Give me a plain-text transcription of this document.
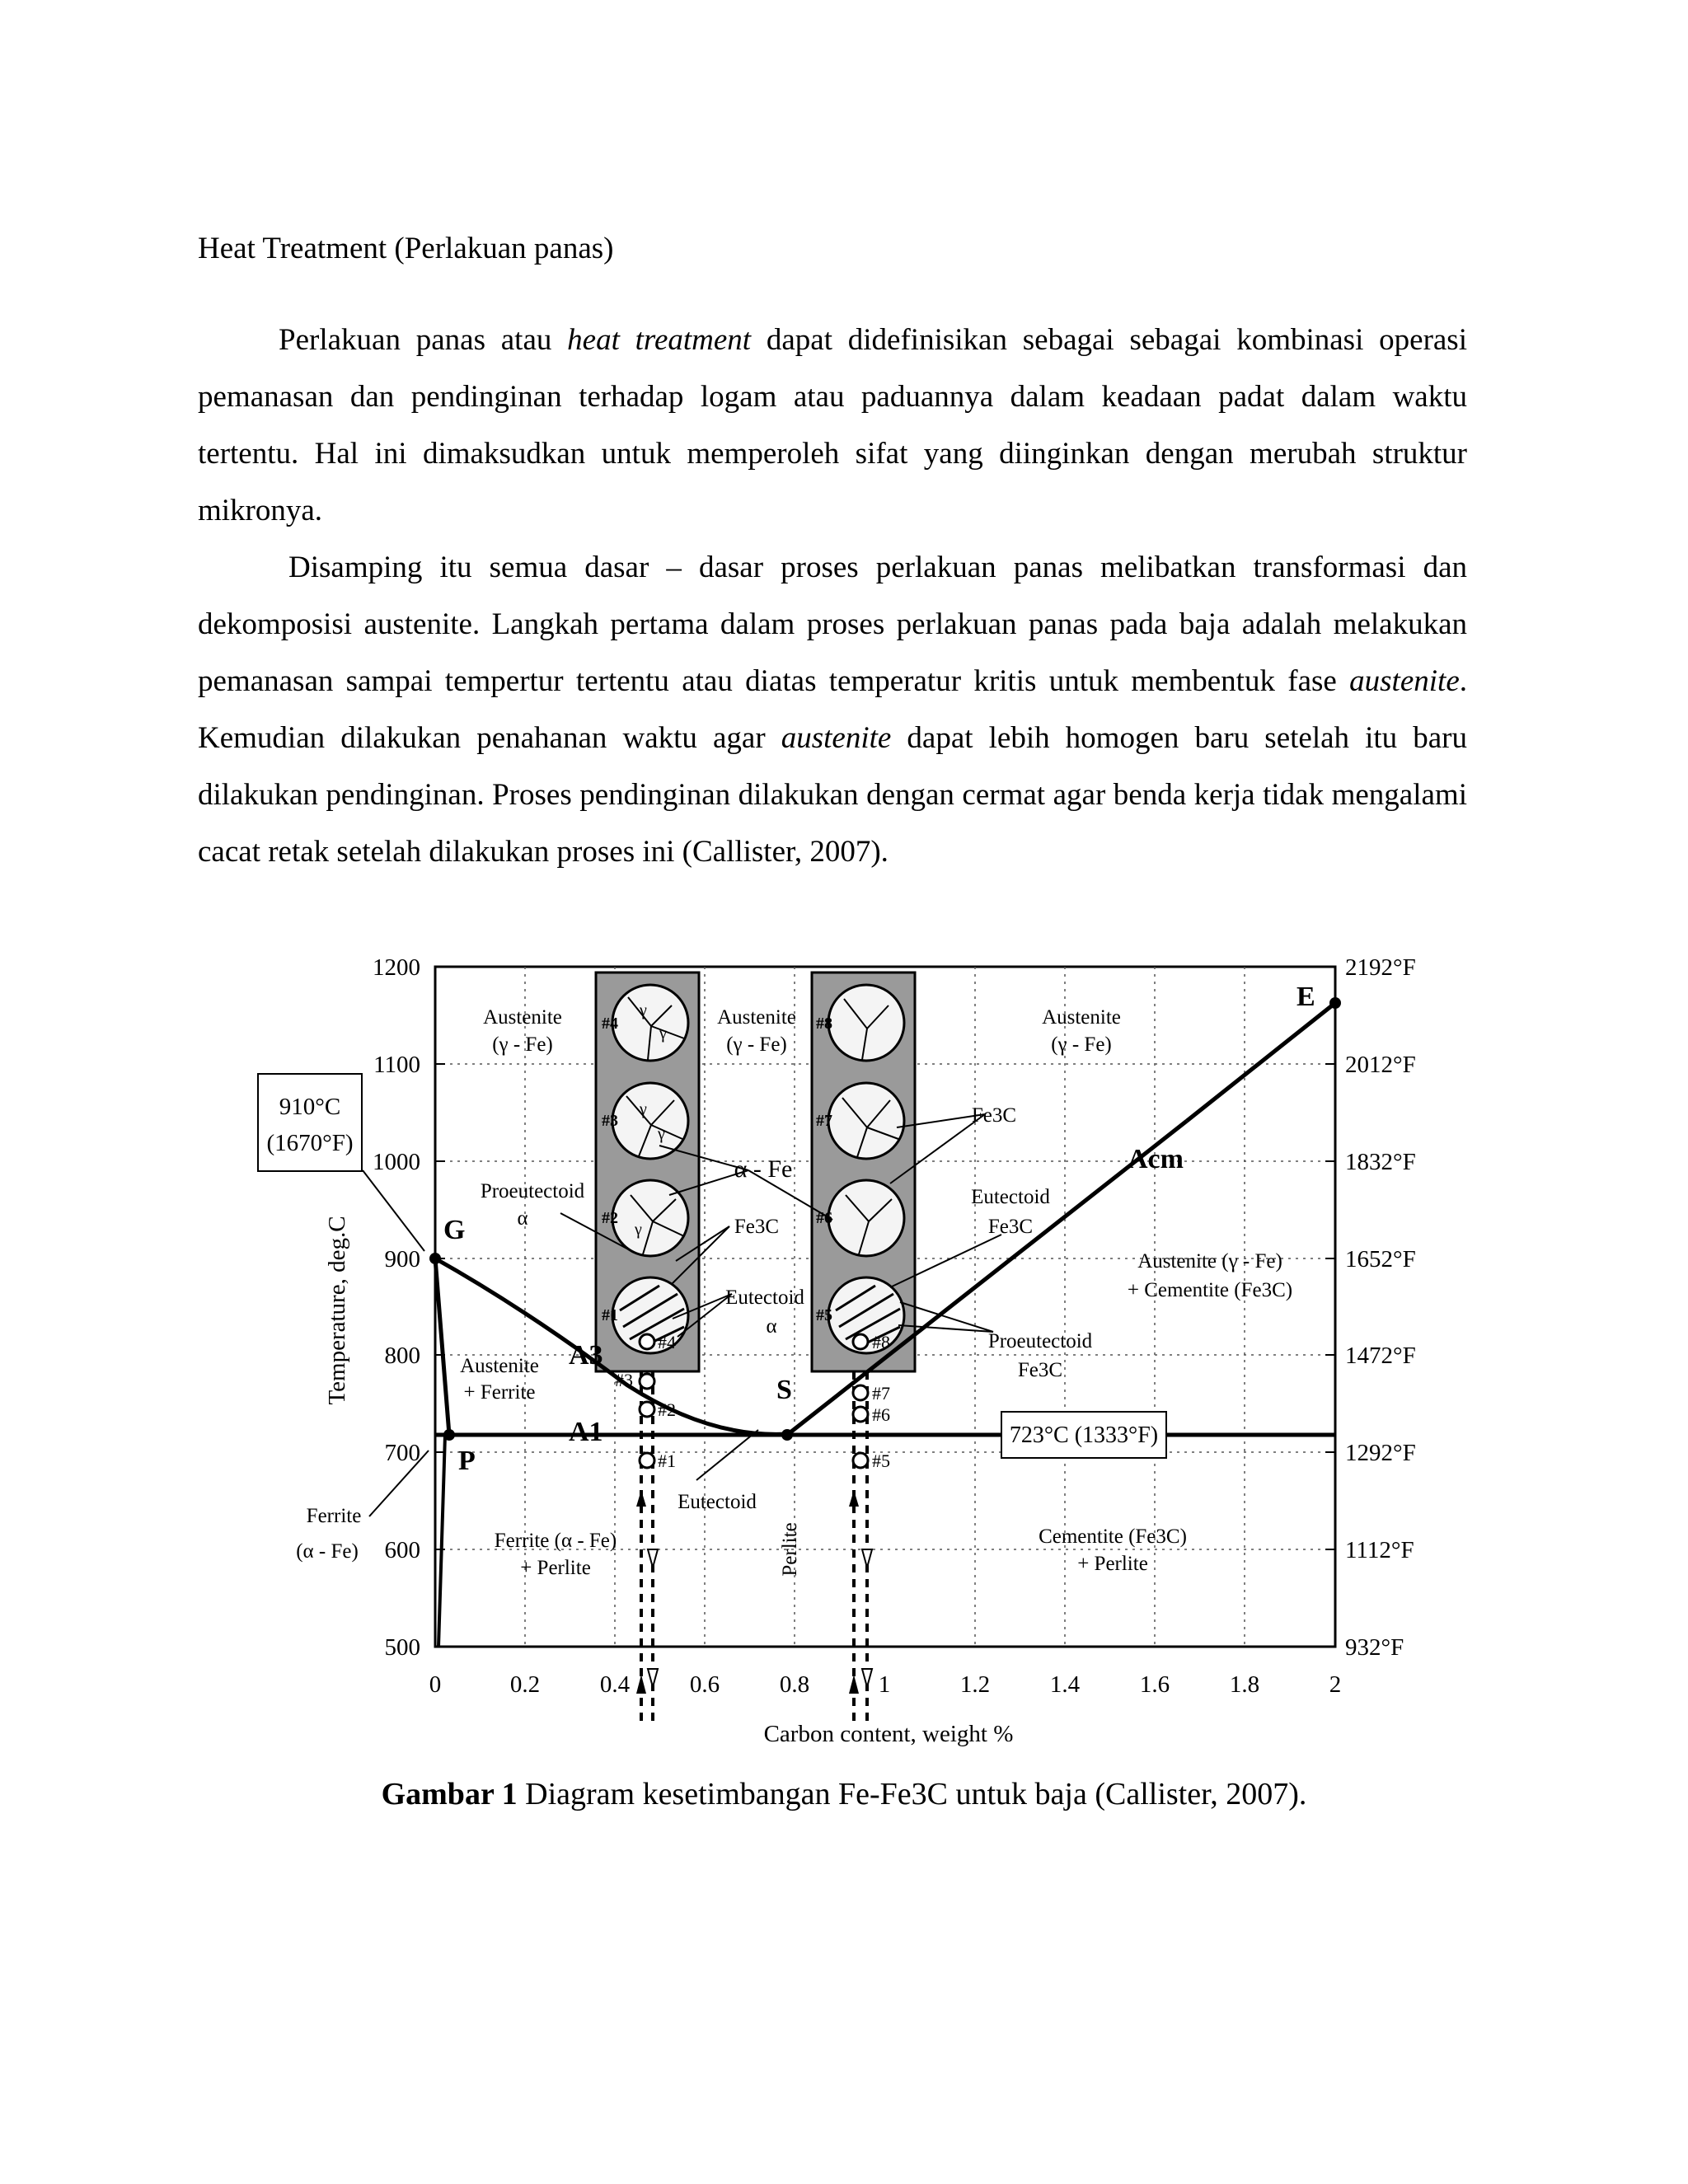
Heat Treatment (Perlakuan panas)

Perlakuan panas atau heat treatment dapat didefinisikan sebagai sebagai kombinasi operasi pemanasan dan pendinginan terhadap logam atau paduannya dalam keadaan padat dalam waktu tertentu. Hal ini dimaksudkan untuk memperoleh sifat yang diinginkan dengan merubah struktur mikronya.

Disamping itu semua dasar – dasar proses perlakuan panas melibatkan transformasi dan dekomposisi austenite. Langkah pertama dalam proses perlakuan panas pada baja adalah melakukan pemanasan sampai tempertur tertentu atau diatas temperatur kritis untuk membentuk fase austenite. Kemudian dilakukan penahanan waktu agar austenite dapat lebih homogen baru setelah itu baru dilakukan pendinginan. Proses pendinginan dilakukan dengan cermat agar benda kerja tidak mengalami cacat retak setelah dilakukan proses ini (Callister, 2007).

1200
1100
1000
900
800
700
600
500
2192°F
2012°F
1832°F
1652°F
1472°F
1292°F
1112°F
932°F
0	0.2	0.4	0.6	0.8	1	1.2	1.4	1.6	1.8	2
Carbon content, weight %
Temperature, deg.C
γ
γ
γ
γ
γ
#4
#3
#2
#1
#8
#7
#6
#5
#4
#3
#2
#1
#8
#7
#6
#5
910°C
(1670°F)
723°C (1333°F)
G
P
S
E
A3
A1
Acm
Austenite
(γ - Fe)
Austenite
(γ - Fe)
Austenite
(γ - Fe)
Austenite (γ - Fe)
+ Cementite (Fe3C)
Austenite
+ Ferrite
Ferrite (α - Fe)
+ Perlite
Cementite (Fe3C)
+ Perlite
Ferrite
(α - Fe)
Eutectoid
Proeutectoid
α
α - Fe
Fe3C
Fe3C
Eutectoid
α
Eutectoid
Fe3C
Proeutectoid
Fe3C
Perlite
Gambar 1 Diagram kesetimbangan Fe-Fe3C untuk baja (Callister, 2007).
